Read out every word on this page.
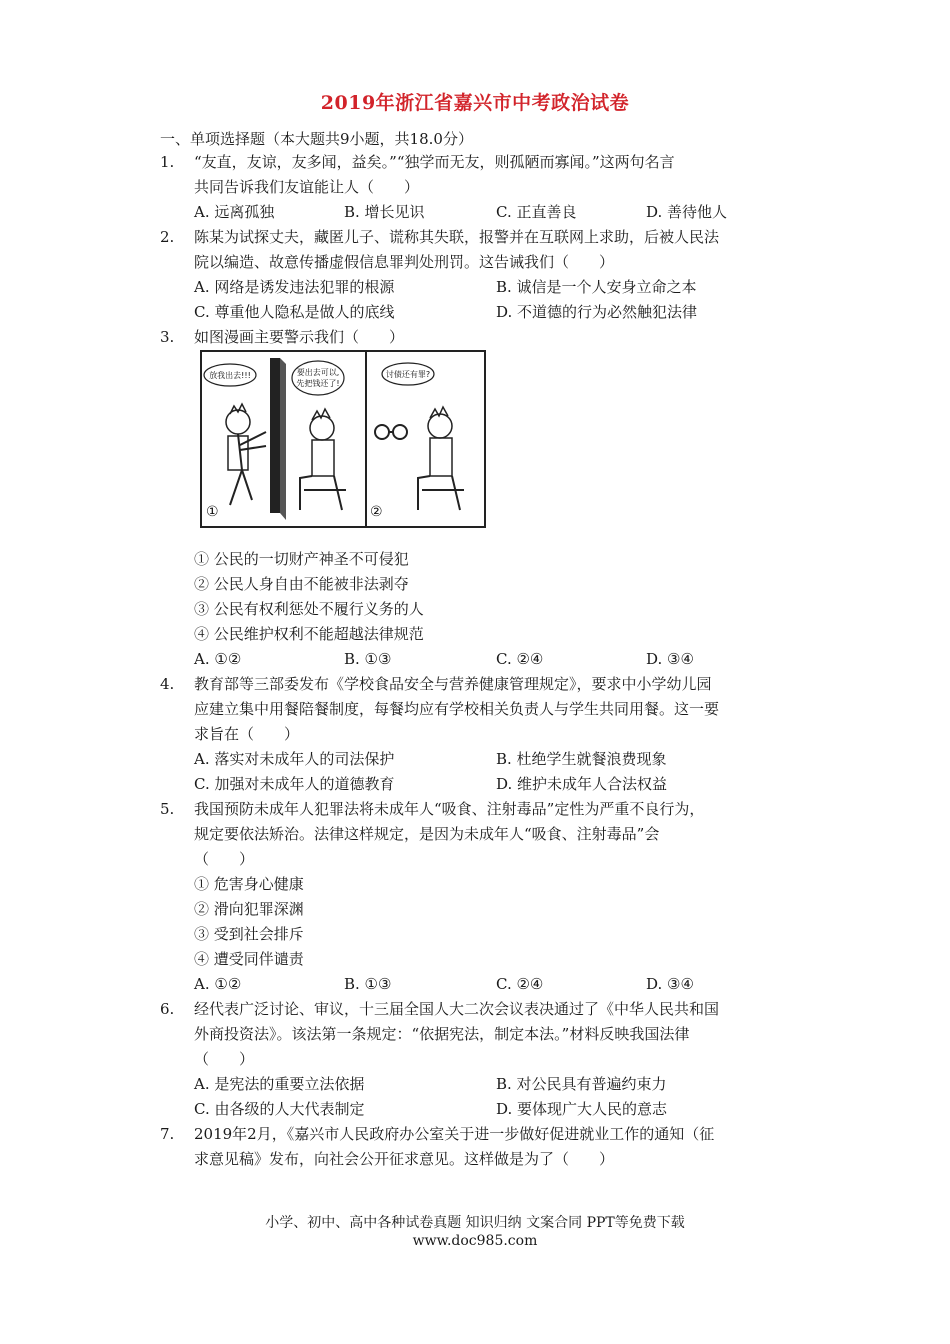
2019年浙江省嘉兴市中考政治试卷
一、单项选择题（本大题共9小题，共18.0分）
1.	“友直，友谅，友多闻，益矣。”“独学而无友，则孤陋而寡闻。”这两句名言
共同告诉我们友谊能让人（　　）
A. 远离孤独	B. 增长见识	C. 正直善良	D. 善待他人
2.	陈某为试探丈夫，藏匿儿子、谎称其失联，报警并在互联网上求助，后被人民法
院以编造、故意传播虚假信息罪判处刑罚。这告诫我们（　　）
A. 网络是诱发违法犯罪的根源	B. 诚信是一个人安身立命之本
C. 尊重他人隐私是做人的底线	D. 不道德的行为必然触犯法律
3.	如图漫画主要警示我们（　　）
放我出去!!!	要出去可以,
先把钱还了!
讨债还有罪?
①	②
① 公民的一切财产神圣不可侵犯
② 公民人身自由不能被非法剥夺
③ 公民有权利惩处不履行义务的人
④ 公民维护权利不能超越法律规范
A. ①②	B. ①③	C. ②④	D. ③④
4.	教育部等三部委发布《学校食品安全与营养健康管理规定》，要求中小学幼儿园
应建立集中用餐陪餐制度，每餐均应有学校相关负责人与学生共同用餐。这一要
求旨在（　　）
A. 落实对未成年人的司法保护	B. 杜绝学生就餐浪费现象
C. 加强对未成年人的道德教育	D. 维护未成年人合法权益
5.	我国预防未成年人犯罪法将未成年人“吸食、注射毒品”定性为严重不良行为，
规定要依法矫治。法律这样规定，是因为未成年人“吸食、注射毒品”会
（　　）
① 危害身心健康
② 滑向犯罪深渊
③ 受到社会排斥
④ 遭受同伴谴责
A. ①②	B. ①③	C. ②④	D. ③④
6.	经代表广泛讨论、审议，十三届全国人大二次会议表决通过了《中华人民共和国
外商投资法》。该法第一条规定：“依据宪法，制定本法。”材料反映我国法律
（　　）
A. 是宪法的重要立法依据	B. 对公民具有普遍约束力
C. 由各级的人大代表制定	D. 要体现广大人民的意志
7.	2019年2月，《嘉兴市人民政府办公室关于进一步做好促进就业工作的通知（征
求意见稿》发布，向社会公开征求意见。这样做是为了（　　）
小学、初中、高中各种试卷真题 知识归纳 文案合同 PPT等免费下载
www.doc985.com
